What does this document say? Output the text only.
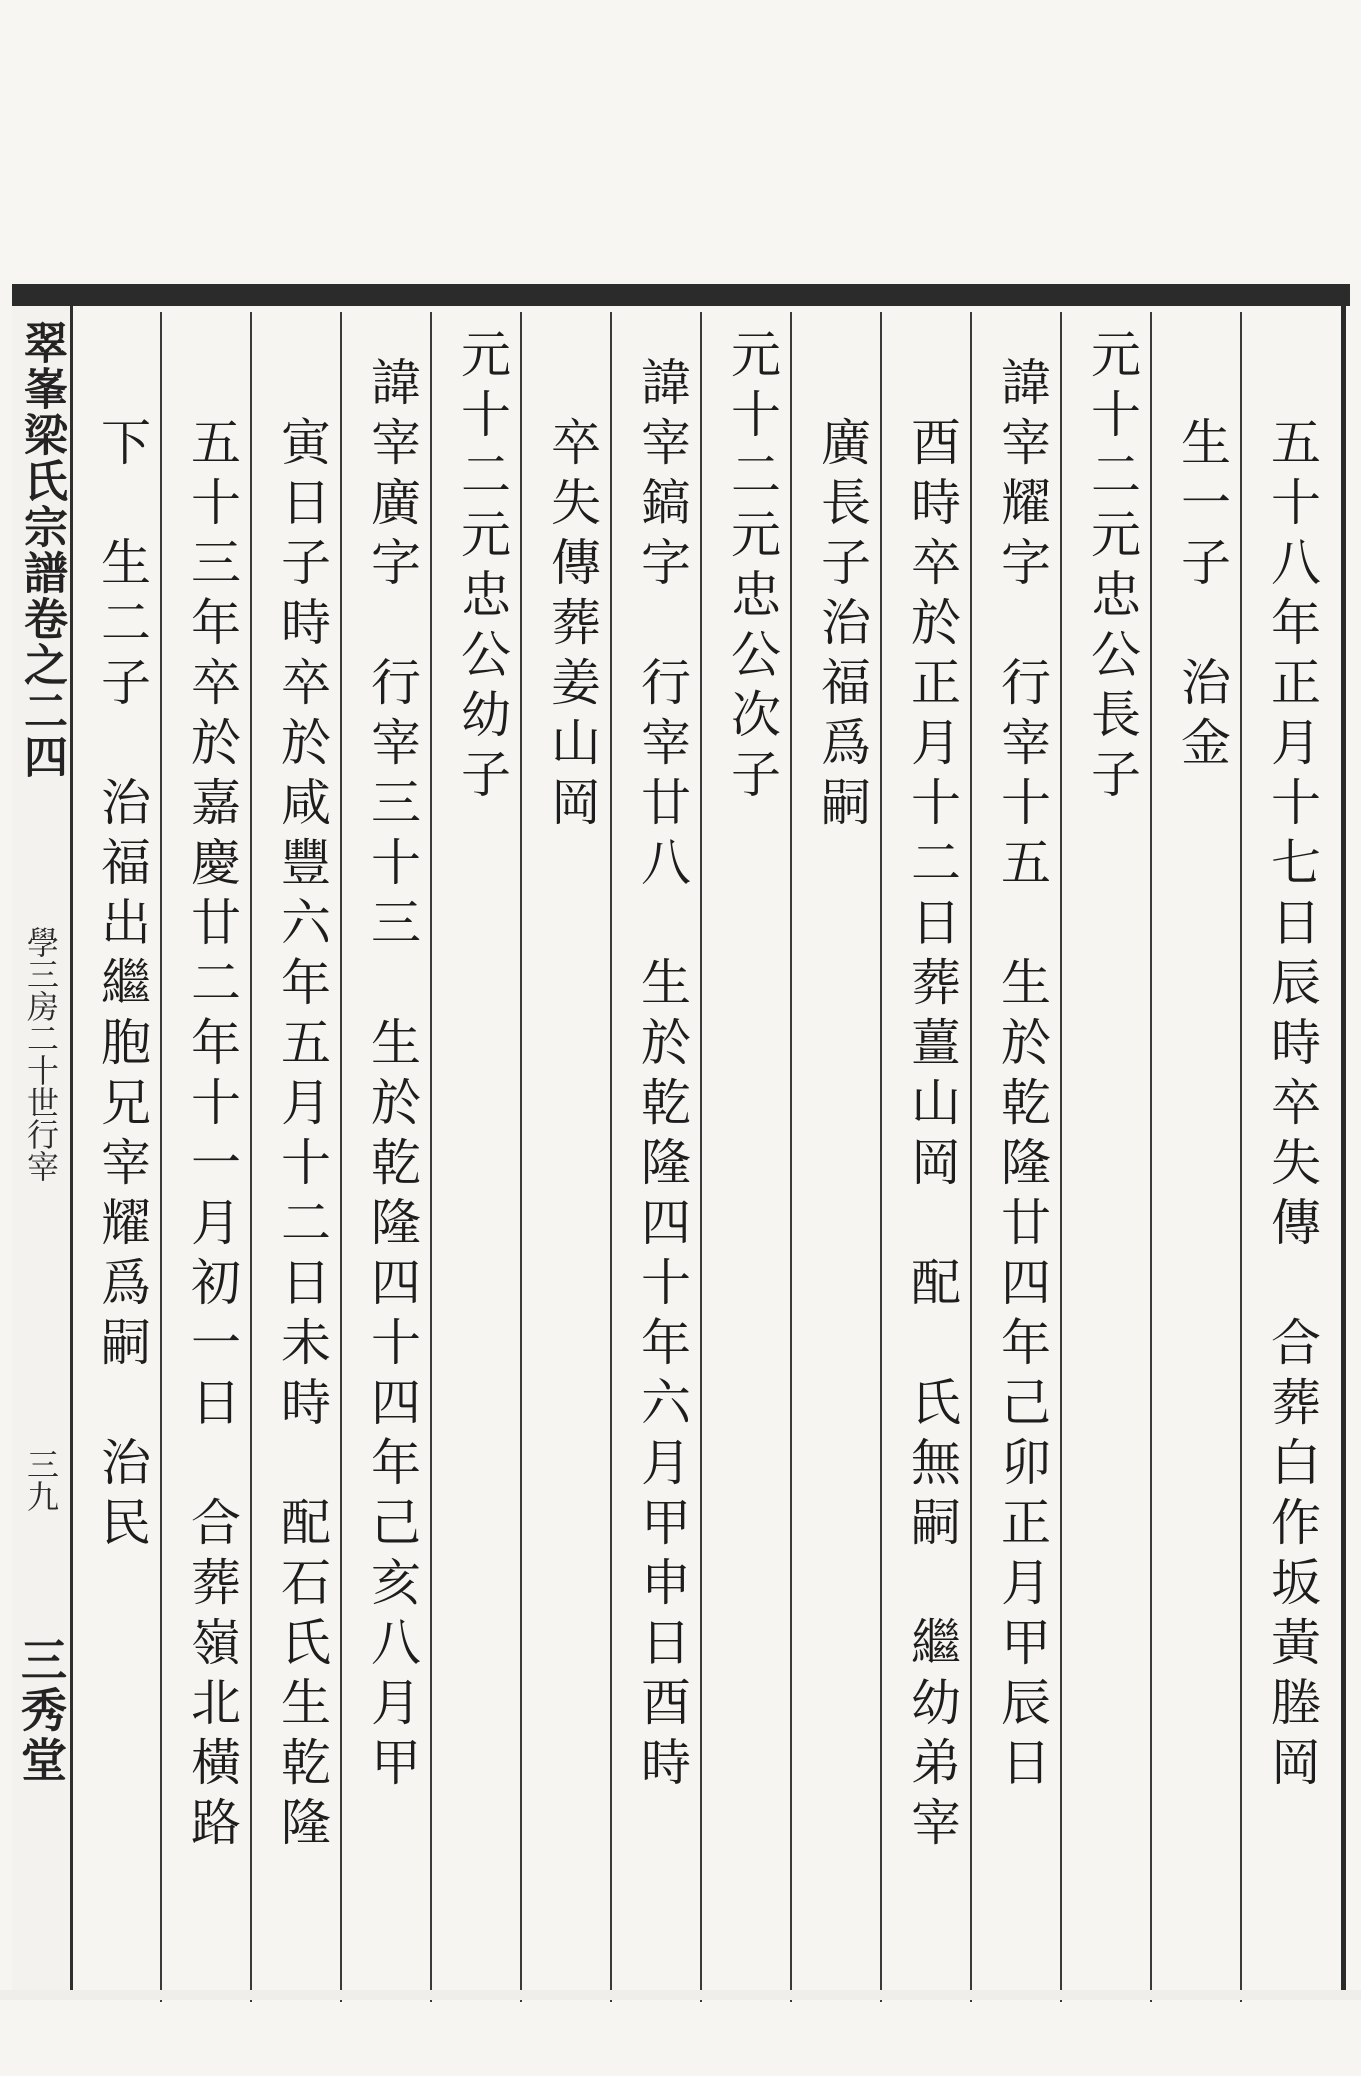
翠峯梁氏宗譜卷之二四
學三房二十世行宰
三九
三秀堂	五十八年正月十七日辰時卒失傳　合葬白作坂黃塍岡
生一子　治金
元十二元忠公長子
諱宰耀字　行宰十五　生於乾隆廿四年己卯正月甲辰日
酉時卒於正月十二日葬薑山岡　配　氏無嗣　繼幼弟宰
廣長子治福爲嗣
元十二元忠公次子
諱宰鎬字　行宰廿八　生於乾隆四十年六月甲申日酉時
卒失傳葬姜山岡
元十二元忠公幼子
諱宰廣字　行宰三十三　生於乾隆四十四年己亥八月甲
寅日子時卒於咸豐六年五月十二日未時　配石氏生乾隆
五十三年卒於嘉慶廿二年十一月初一日　合葬嶺北橫路
下　生二子　治福出繼胞兄宰耀爲嗣　治民
